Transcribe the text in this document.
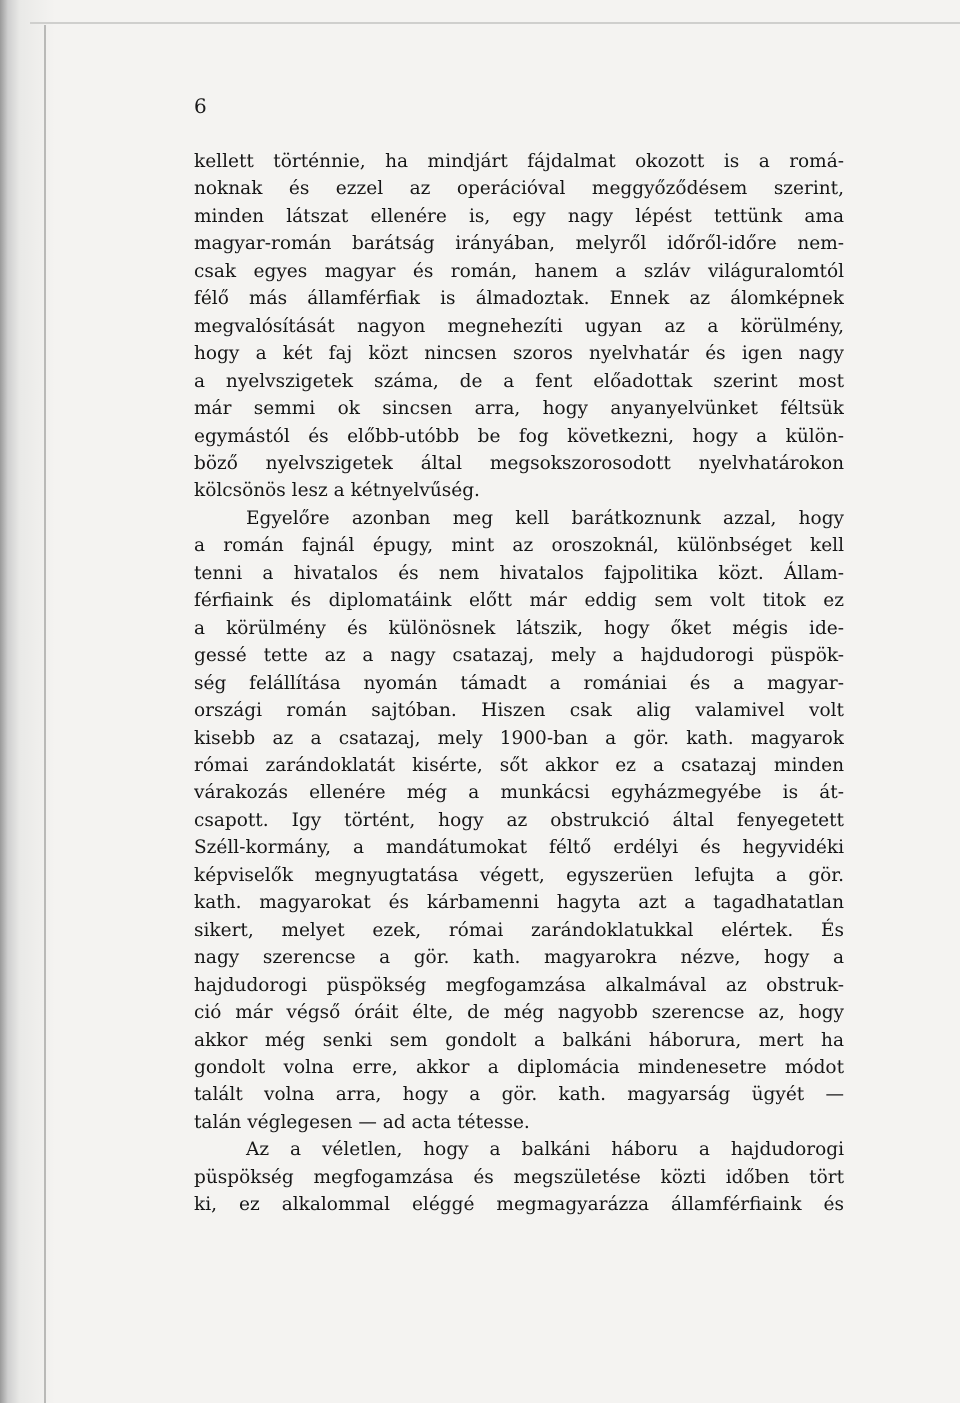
6
kellett történnie, ha mindjárt fájdalmat okozott is a romá-
noknak és ezzel az operációval meggyőződésem szerint,
minden látszat ellenére is, egy nagy lépést tettünk ama
magyar-román barátság irányában, melyről időről-időre nem-
csak egyes magyar és román, hanem a szláv világuralomtól
félő más államférfiak is álmadoztak. Ennek az álomképnek
megvalósítását nagyon megnehezíti ugyan az a körülmény,
hogy a két faj közt nincsen szoros nyelvhatár és igen nagy
a nyelvszigetek száma, de a fent előadottak szerint most
már semmi ok sincsen arra, hogy anyanyelvünket féltsük
egymástól és előbb-utóbb be fog következni, hogy a külön-
böző nyelvszigetek által megsokszorosodott nyelvhatárokon
kölcsönös lesz a kétnyelvűség.
Egyelőre azonban meg kell barátkoznunk azzal, hogy
a román fajnál épugy, mint az oroszoknál, különbséget kell
tenni a hivatalos és nem hivatalos fajpolitika közt. Állam-
férfiaink és diplomatáink előtt már eddig sem volt titok ez
a körülmény és különösnek látszik, hogy őket mégis ide-
gessé tette az a nagy csatazaj, mely a hajdudorogi püspök-
ség felállítása nyomán támadt a romániai és a magyar-
országi román sajtóban. Hiszen csak alig valamivel volt
kisebb az a csatazaj, mely 1900-ban a gör. kath. magyarok
római zarándoklatát kisérte, sőt akkor ez a csatazaj minden
várakozás ellenére még a munkácsi egyházmegyébe is át-
csapott. Igy történt, hogy az obstrukció által fenyegetett
Széll-kormány, a mandátumokat féltő erdélyi és hegyvidéki
képviselők megnyugtatása végett, egyszerüen lefujta a gör.
kath. magyarokat és kárbamenni hagyta azt a tagadhatatlan
sikert, melyet ezek, római zarándoklatukkal elértek. És
nagy szerencse a gör. kath. magyarokra nézve, hogy a
hajdudorogi püspökség megfogamzása alkalmával az obstruk-
ció már végső óráit élte, de még nagyobb szerencse az, hogy
akkor még senki sem gondolt a balkáni háborura, mert ha
gondolt volna erre, akkor a diplomácia mindenesetre módot
talált volna arra, hogy a gör. kath. magyarság ügyét —
talán véglegesen — ad acta tétesse.
Az a véletlen, hogy a balkáni háboru a hajdudorogi
püspökség megfogamzása és megszületése közti időben tört
ki, ez alkalommal eléggé megmagyarázza államférfiaink és
